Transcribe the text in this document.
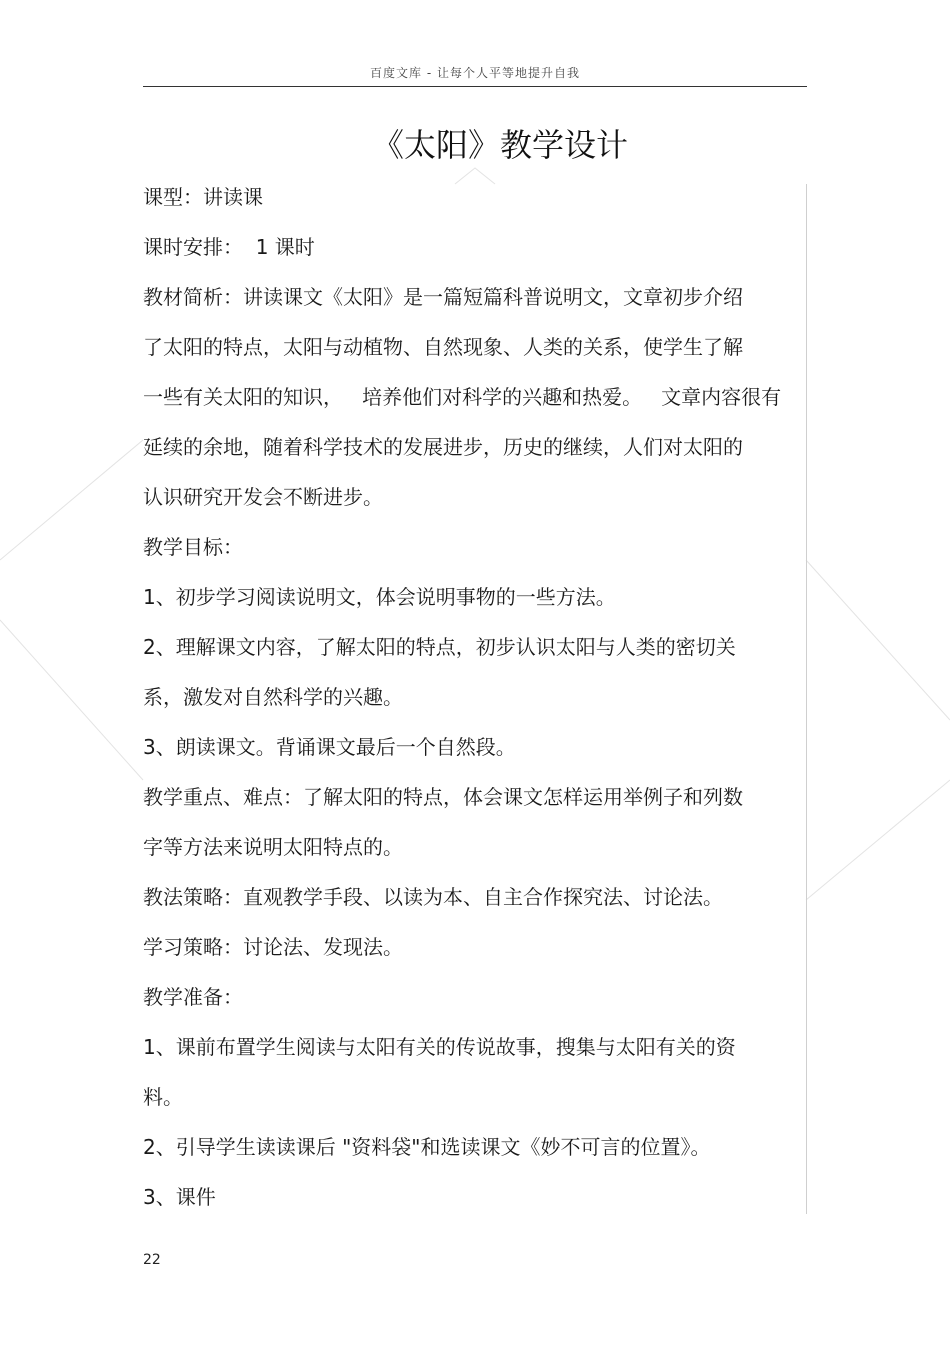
百度文库 - 让每个人平等地提升自我
《太阳》教学设计
课型：讲读课
课时安排：  1 课时
教材简析：讲读课文《太阳》是一篇短篇科普说明文，文章初步介绍
了太阳的特点，太阳与动植物、自然现象、人类的关系，使学生了解
一些有关太阳的知识，   培养他们对科学的兴趣和热爱。   文章内容很有
延续的余地，随着科学技术的发展进步，历史的继续，人们对太阳的
认识研究开发会不断进步。
教学目标：
1、初步学习阅读说明文，体会说明事物的一些方法。
2、理解课文内容，了解太阳的特点，初步认识太阳与人类的密切关
系，激发对自然科学的兴趣。
3、朗读课文。背诵课文最后一个自然段。
教学重点、难点：了解太阳的特点，体会课文怎样运用举例子和列数
字等方法来说明太阳特点的。
教法策略：直观教学手段、以读为本、自主合作探究法、讨论法。
学习策略：讨论法、发现法。
教学准备：
1、课前布置学生阅读与太阳有关的传说故事，搜集与太阳有关的资
料。
2、引导学生读读课后 "资料袋"和选读课文《妙不可言的位置》。
3、课件
22
